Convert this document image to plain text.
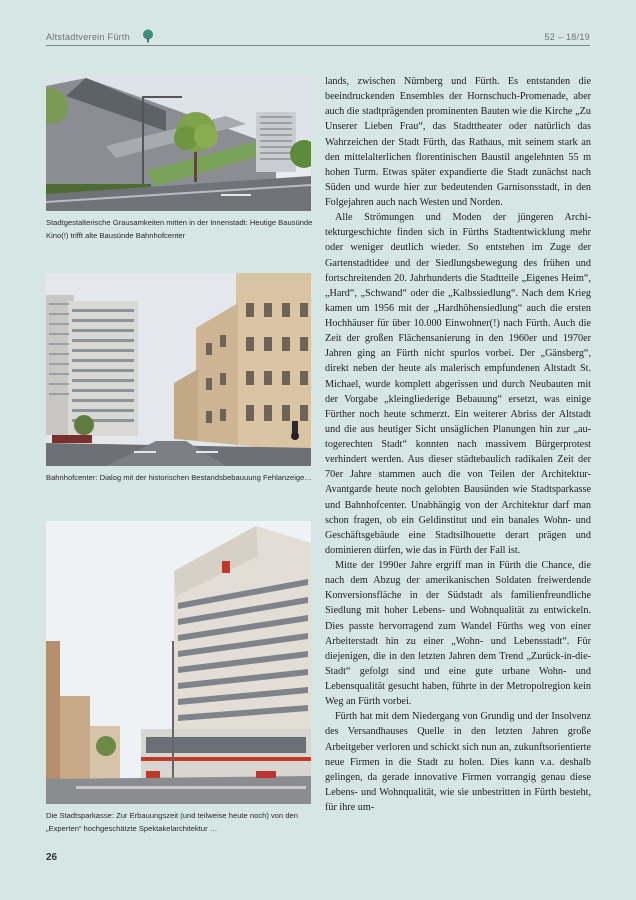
Altstadtverein Fürth	52 – 18/19
Stadtgestalterische Grausamkeiten mitten in der Innenstadt: Heutige Bausünde Kino(!) trifft alte Bausünde Bahnhofcenter
Bahnhofcenter: Dialog mit der historischen Bestandsbebauuung Fehlanzeige…
Die Stadtsparkasse: Zur Erbauungszeit (und teilweise heute noch) von den „Experten“ hochgeschätzte Spektakelarchitektur …

lands, zwischen Nürnberg und Fürth. Es entstanden die beeindruckenden Ensembles der Hornschuch-Promenade, aber auch die stadtprägenden prominenten Bauten wie die Kirche „Zu Unserer Lieben Frau“, das Stadttheater oder natürlich das Wahrzeichen der Stadt Fürth, das Rathaus, mit seinem stark an den mittelalterlichen florentinischen Baustil angelehnten 55 m hohen Turm. Etwas später expandierte die Stadt zunächst nach Süden und wurde hier zur bedeutenden Garnisonsstadt, in den Folgejahren auch nach Westen und Norden.

Alle Strömungen und Moden der jüngeren Architekturgeschichte finden sich in Fürths Stadtentwicklung mehr oder weniger deutlich wieder. So entstehen im Zuge der Gartenstadtidee und der Siedlungsbewegung des frühen und fortschreitenden 20. Jahrhunderts die Stadtteile „Eigenes Heim“, „Hard“, „Schwand“ oder die „Kalbssiedlung“. Nach dem Krieg kamen um 1956 mit der „Hardhöhensiedlung“ auch die ersten Hochhäuser für über 10.000 Einwohner(!) nach Fürth. Auch die Zeit der großen Flächensanierung in den 1960er und 1970er Jahren ging an Fürth nicht spurlos vorbei. Der „Gänsberg“, direkt neben der heute als malerisch empfundenen Altstadt St. Michael, wurde komplett abgerissen und durch Neubauten mit der Vorgabe „kleingliederige Bebauung“ ersetzt, was einige Fürther noch heute schmerzt. Ein weiterer Abriss der Altstadt und die aus heutiger Sicht unsäglichen Planungen hin zur „autogerechten Stadt“ konnten nach massivem Bürgerprotest verhindert werden. Aus dieser städtebaulich radikalen Zeit der 70er Jahre stammen auch die von Teilen der Architektur-Avantgarde heute noch gelobten Bausünden wie Stadtsparkasse und Bahnhofcenter. Unabhängig von der Architektur darf man schon fragen, ob ein Geldinstitut und ein banales Wohn- und Geschäftsgebäude eine Stadtsilhouette derart prägen und dominieren dürfen, wie das in Fürth der Fall ist.

Mitte der 1990er Jahre ergriff man in Fürth die Chance, die nach dem Abzug der amerikanischen Soldaten freiwerdende Konversionsfläche in der Südstadt als familienfreundliche Siedlung mit hoher Lebens- und Wohnqualität zu entwickeln. Dies passte hervorragend zum Wandel Fürths weg von einer Arbeiterstadt hin zu einer „Wohn- und Lebensstadt“. Für diejenigen, die in den letzten Jahren dem Trend „Zurück-in-die-Stadt“ gefolgt sind und eine gute urbane Wohn- und Lebensqualität gesucht haben, führte in der Metropolregion kein Weg an Fürth vorbei.

Fürth hat mit dem Niedergang von Grundig und der Insolvenz des Versandhauses Quelle in den letzten Jahren große Arbeitgeber verloren und schickt sich nun an, zukunftsorientierte neue Firmen in die Stadt zu holen. Dies kann v.a. deshalb gelingen, da gerade innovative Firmen vorrangig genau diese Lebens- und Wohnqualität, wie sie unbestritten in Fürth besteht, für ihre um-

26
